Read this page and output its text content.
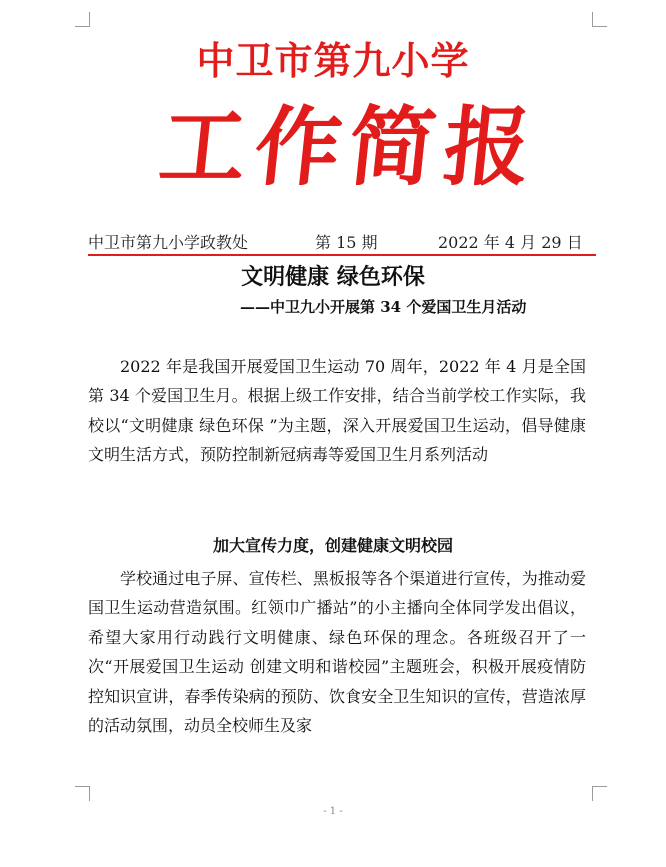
中卫市第九小学
工
作
简
报
中卫市第九小学政教处	第 15 期	2022 年 4 月 29 日
文明健康 绿色环保
——中卫九小开展第 34 个爱国卫生月活动

2022 年是我国开展爱国卫生运动 70 周年，2022 年 4 月是全国第 34 个爱国卫生月。根据上级工作安排，结合当前学校工作实际，我校以“文明健康 绿色环保 ”为主题，深入开展爱国卫生运动，倡导健康文明生活方式，预防控制新冠病毒等爱国卫生月系列活动

加大宣传力度，创建健康文明校园

学校通过电子屏、宣传栏、黑板报等各个渠道进行宣传，为推动爱国卫生运动营造氛围。红领巾广播站”的小主播向全体同学发出倡议，希望大家用行动践行文明健康、绿色环保的理念。各班级召开了一次“开展爱国卫生运动 创建文明和谐校园”主题班会，积极开展疫情防控知识宣讲，春季传染病的预防、饮食安全卫生知识的宣传，营造浓厚的活动氛围，动员全校师生及家

- 1 -
